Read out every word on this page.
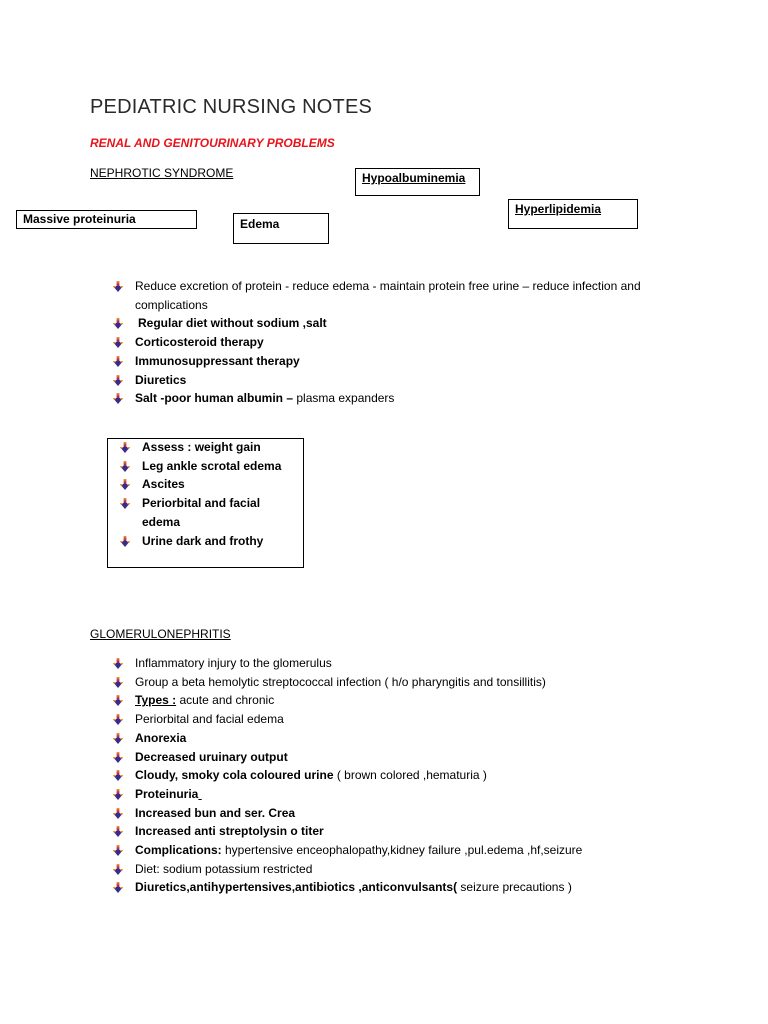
PEDIATRIC NURSING NOTES
RENAL AND GENITOURINARY PROBLEMS
NEPHROTIC SYNDROME	Hypoalbuminemia
Hyperlipidemia
Massive proteinuria	Edema
Reduce excretion of protein - reduce edema - maintain protein free urine – reduce infection and complications
Regular diet without sodium ,salt
Corticosteroid therapy
Immunosuppressant therapy
Diuretics
Salt -poor human albumin – plasma expanders
Assess : weight gain
Leg ankle scrotal edema
Ascites
Periorbital and facial edema
Urine dark and frothy
GLOMERULONEPHRITIS
Inflammatory injury to the glomerulus
Group a beta hemolytic streptococcal infection ( h/o pharyngitis and tonsillitis)
Types : acute and chronic
Periorbital and facial edema
Anorexia
Decreased uruinary output
Cloudy, smoky cola coloured urine ( brown colored ,hematuria )
Proteinuria
Increased bun and ser. Crea
Increased anti streptolysin o titer
Complications: hypertensive enceophalopathy,kidney failure ,pul.edema ,hf,seizure
Diet: sodium potassium restricted
Diuretics,antihypertensives,antibiotics ,anticonvulsants( seizure precautions )
